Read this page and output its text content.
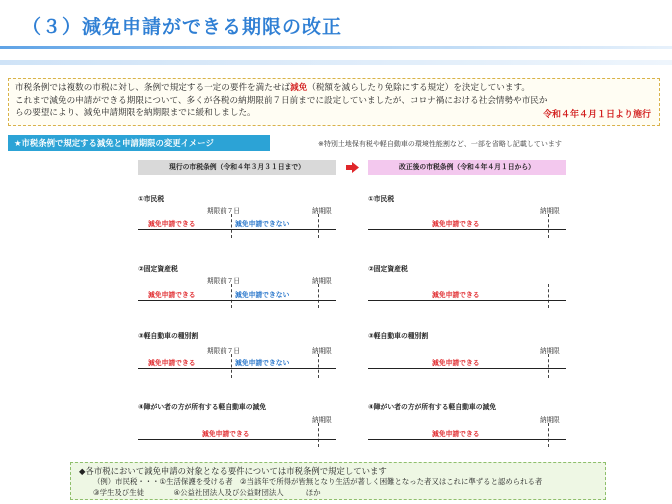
（３）減免申請ができる期限の改正
市税条例では複数の市税に対し、条例で規定する一定の要件を満たせば減免（税額を減らしたり免除にする規定）を決定しています。
これまで減免の申請ができる期限について、多くが各税の納期限前７日前までに設定していましたが、コロナ禍における社会情勢や市民か
らの要望により、減免申請期限を納期限までに緩和しました。	令和４年４月１日より施行
★市税条例で規定する減免と申請期限の変更イメージ	※特別土地保有税や軽自動車の環境性能割など、一部を省略し記載しています
現行の市税条例（令和４年３月３１日まで）	改正後の市税条例（令和４年４月１日から）
①市民税
期限前７日	納期限
減免申請できる	減免申請できない
①市民税
納期限
減免申請できる
②固定資産税
期限前７日	納期限
減免申請できる	減免申請できない
②固定資産税
減免申請できる
③軽自動車の種別割
期限前７日	納期限
減免申請できる	減免申請できない
③軽自動車の種別割
納期限
減免申請できる
④障がい者の方が所有する軽自動車の減免
納期限
減免申請できる
④障がい者の方が所有する軽自動車の減免
納期限
減免申請できる
◆各市税において減免申請の対象となる要件については市税条例で規定しています
（例）市民税・・・①生活保護を受ける者　②当該年で所得が皆無となり生活が著しく困難となった者又はこれに準ずると認められる者
③学生及び生徒　　　　④公益社団法人及び公益財団法人　　　ほか
